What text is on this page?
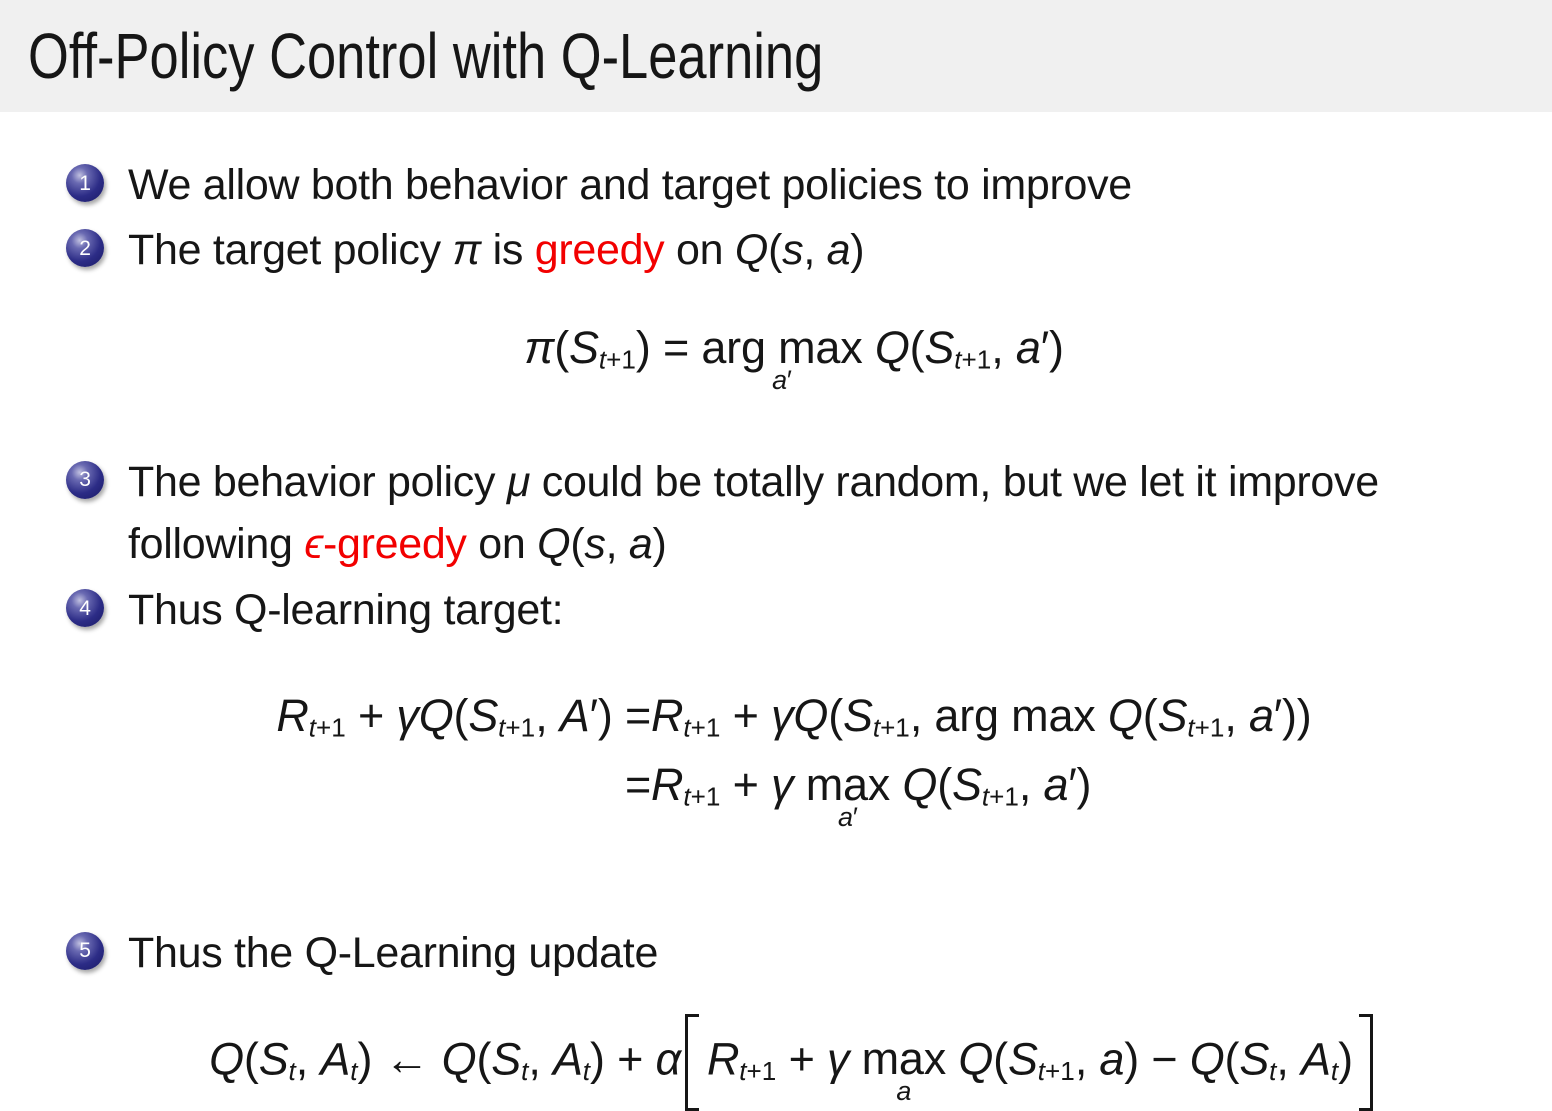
Off-Policy Control with Q-Learning
1 We allow both behavior and target policies to improve
2 The target policy π is greedy on Q(s, a)
$\pi(S_{t+1})$ = arg max
a′
$Q(S_{t+1}$, a′)
3 The behavior policy μ could be totally random, but we let it improve
following ϵ-greedy on Q(s, a)
4 Thus Q-learning target:
$R_{t+1} + \gamma Q(S_{t+1}$, $A') =R_{t+1} + \gamma Q(S_{t+1}$, arg $\max Q(S_{t+1}$, a′))
$=R_{t+1} + \gamma$ max
a′
$Q(S_{t+1}$, a′)
5 Thus the Q-Learning update
$Q(S_t$, $A_t$) ← $Q(S_t$, $A_t) + \alpha$ $R_{t+1} + \gamma$ max
a
$Q(S_{t+1}$, $a) - Q(S_t$, $A_t$)
